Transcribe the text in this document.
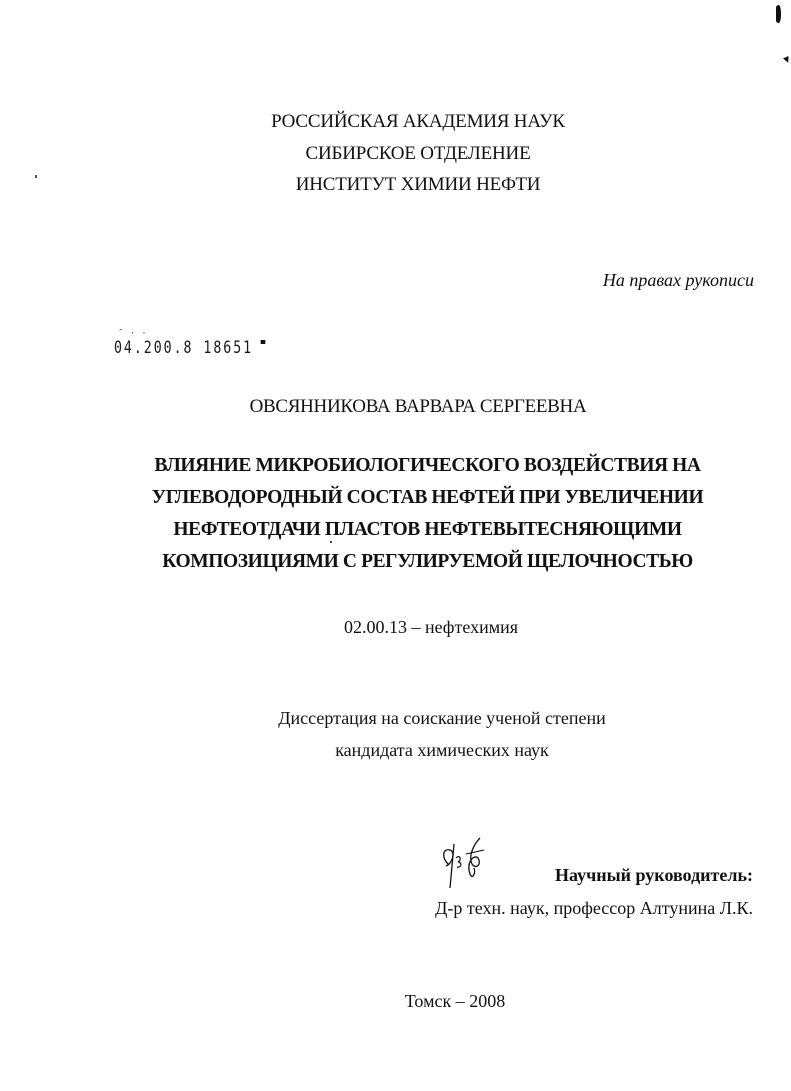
РОССИЙСКАЯ АКАДЕМИЯ НАУК
СИБИРСКОЕ ОТДЕЛЕНИЕ
ИНСТИТУТ ХИМИИ НЕФТИ
На правах рукописи
˜ · ·
04.200.8 18651
ОВСЯННИКОВА ВАРВАРА СЕРГЕЕВНА
ВЛИЯНИЕ МИКРОБИОЛОГИЧЕСКОГО ВОЗДЕЙСТВИЯ НА
УГЛЕВОДОРОДНЫЙ СОСТАВ НЕФТЕЙ ПРИ УВЕЛИЧЕНИИ
НЕФТЕОТДАЧИ ПЛАСТОВ НЕФТЕВЫТЕСНЯЮЩИМИ
КОМПОЗИЦИЯМИ С РЕГУЛИРУЕМОЙ ЩЕЛОЧНОСТЬЮ
02.00.13 – нефтехимия
Диссертация на соискание ученой степени
кандидата химических наук
Научный руководитель:
Д-р техн. наук, профессор Алтунина Л.К.
Томск – 2008
